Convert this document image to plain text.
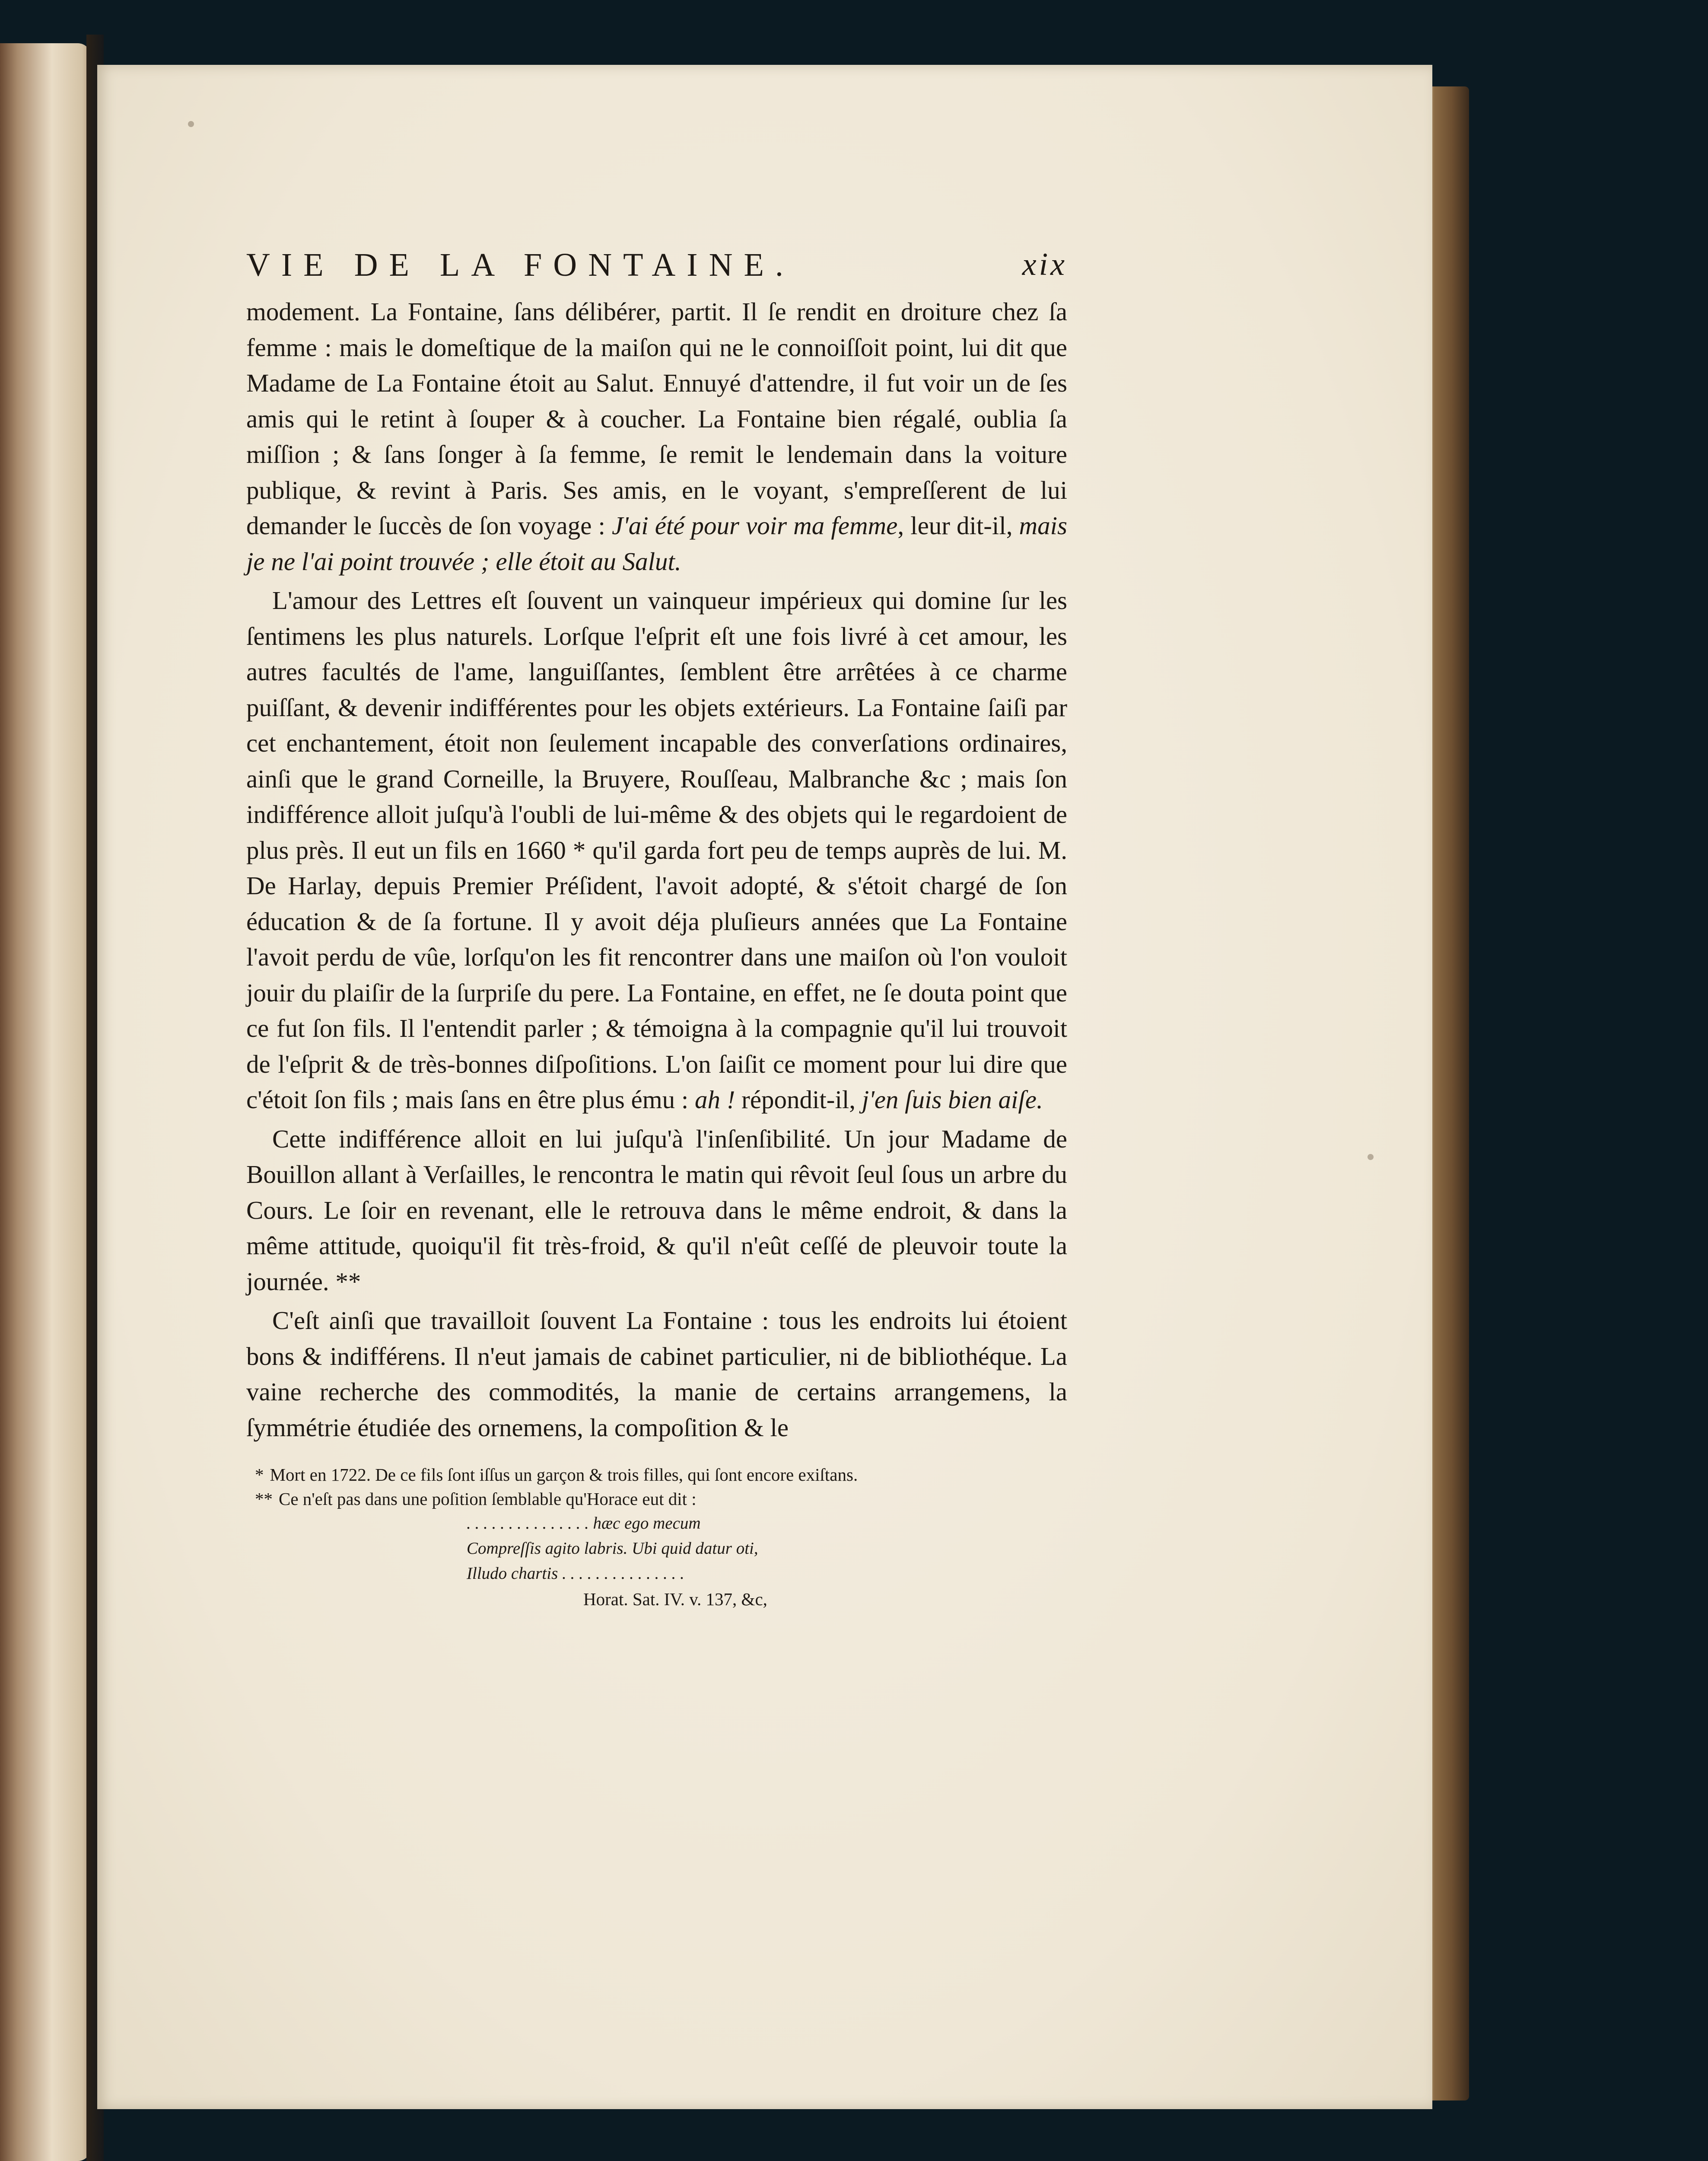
VIE DE LA FONTAINE.	xix

modement. La Fontaine, ſans délibérer, partit. Il ſe rendit en droiture chez ſa femme : mais le domeſtique de la maiſon qui ne le connoiſſoit point, lui dit que Madame de La Fontaine étoit au Salut. Ennuyé d'attendre, il fut voir un de ſes amis qui le retint à ſouper & à coucher. La Fontaine bien régalé, oublia ſa miſſion ; & ſans ſonger à ſa femme, ſe remit le lendemain dans la voiture publique, & revint à Paris. Ses amis, en le voyant, s'empreſſerent de lui demander le ſuccès de ſon voyage : J'ai été pour voir ma femme, leur dit-il, mais je ne l'ai point trouvée ; elle étoit au Salut.

L'amour des Lettres eſt ſouvent un vainqueur impérieux qui domine ſur les ſentimens les plus naturels. Lorſque l'eſprit eſt une fois livré à cet amour, les autres facultés de l'ame, languiſſantes, ſemblent être arrêtées à ce charme puiſſant, & devenir indifférentes pour les objets extérieurs. La Fontaine ſaiſi par cet enchantement, étoit non ſeulement incapable des converſations ordinaires, ainſi que le grand Corneille, la Bruyere, Rouſſeau, Malbranche &c ; mais ſon indifférence alloit juſqu'à l'oubli de lui-même & des objets qui le regardoient de plus près. Il eut un fils en 1660 * qu'il garda fort peu de temps auprès de lui. M. De Harlay, depuis Premier Préſident, l'avoit adopté, & s'étoit chargé de ſon éducation & de ſa fortune. Il y avoit déja pluſieurs années que La Fontaine l'avoit perdu de vûe, lorſqu'on les fit rencontrer dans une maiſon où l'on vouloit jouir du plaiſir de la ſurpriſe du pere. La Fontaine, en effet, ne ſe douta point que ce fut ſon fils. Il l'entendit parler ; & témoigna à la compagnie qu'il lui trouvoit de l'eſprit & de très-bonnes diſpoſitions. L'on ſaiſit ce moment pour lui dire que c'étoit ſon fils ; mais ſans en être plus ému : ah ! répondit-il, j'en ſuis bien aiſe.

Cette indifférence alloit en lui juſqu'à l'inſenſibilité. Un jour Madame de Bouillon allant à Verſailles, le rencontra le matin qui rêvoit ſeul ſous un arbre du Cours. Le ſoir en revenant, elle le retrouva dans le même endroit, & dans la même attitude, quoiqu'il fit très-froid, & qu'il n'eût ceſſé de pleuvoir toute la journée. **

C'eſt ainſi que travailloit ſouvent La Fontaine : tous les endroits lui étoient bons & indifférens. Il n'eut jamais de cabinet particulier, ni de bibliothéque. La vaine recherche des commodités, la manie de certains arrangemens, la ſymmétrie étudiée des ornemens, la compoſition & le

* Mort en 1722. De ce fils ſont iſſus un garçon & trois filles, qui ſont encore exiſtans.
** Ce n'eſt pas dans une poſition ſemblable qu'Horace eut dit :
. . . . . . . . . . . . . . . hæc ego mecum
Compreſſis agito labris. Ubi quid datur oti,
Illudo chartis . . . . . . . . . . . . . . .
Horat. Sat. IV. v. 137, &c,
